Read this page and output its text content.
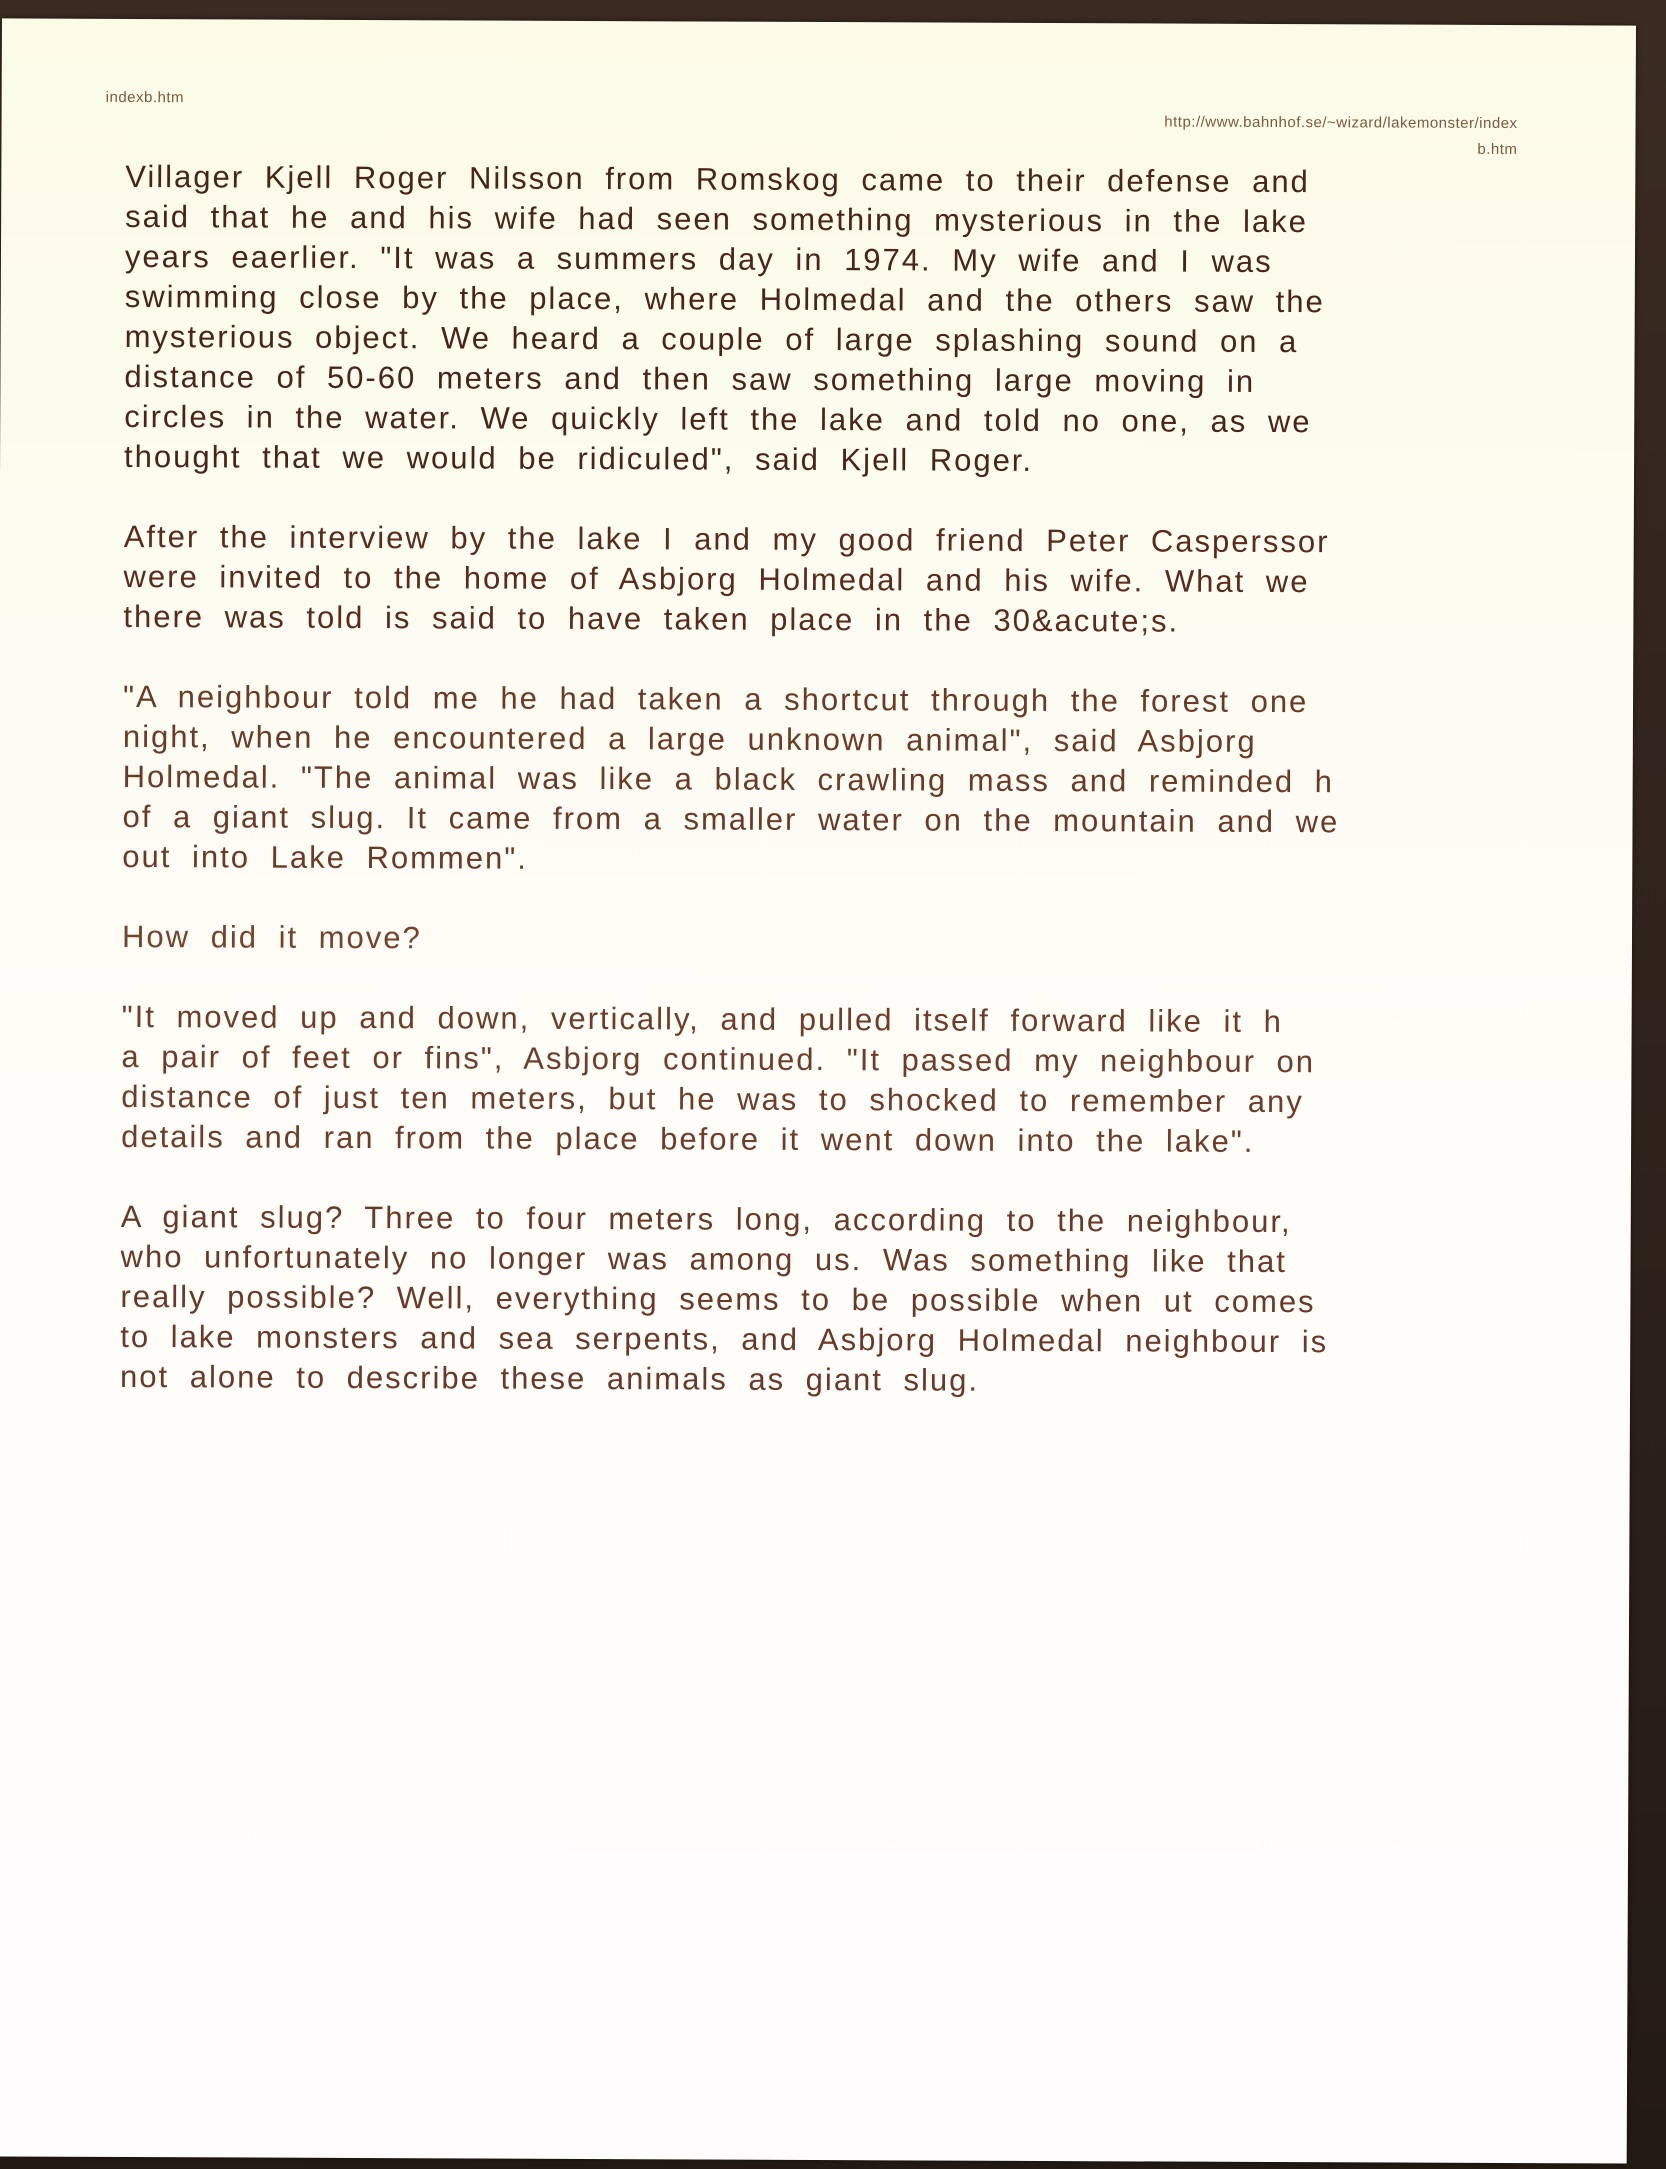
indexb.htm
http://www.bahnhof.se/~wizard/lakemonster/index
b.htm

Villager Kjell Roger Nilsson from Romskog came to their defense and
said that he and his wife had seen something mysterious in the lake
years eaerlier. "It was a summers day in 1974. My wife and I was
swimming close by the place, where Holmedal and the others saw the
mysterious object. We heard a couple of large splashing sound on a
distance of 50-60 meters and then saw something large moving in
circles in the water. We quickly left the lake and told no one, as we
thought that we would be ridiculed", said Kjell Roger.

After the interview by the lake I and my good friend Peter Casperssor
were invited to the home of Asbjorg Holmedal and his wife. What we
there was told is said to have taken place in the 30&acute;s.

"A neighbour told me he had taken a shortcut through the forest one
night, when he encountered a large unknown animal", said Asbjorg
Holmedal. "The animal was like a black crawling mass and reminded h
of a giant slug. It came from a smaller water on the mountain and we
out into Lake Rommen".

How did it move?

"It moved up and down, vertically, and pulled itself forward like it h
a pair of feet or fins", Asbjorg continued. "It passed my neighbour on
distance of just ten meters, but he was to shocked to remember any
details and ran from the place before it went down into the lake".

A giant slug? Three to four meters long, according to the neighbour,
who unfortunately no longer was among us. Was something like that
really possible? Well, everything seems to be possible when ut comes
to lake monsters and sea serpents, and Asbjorg Holmedal neighbour is
not alone to describe these animals as giant slug.
